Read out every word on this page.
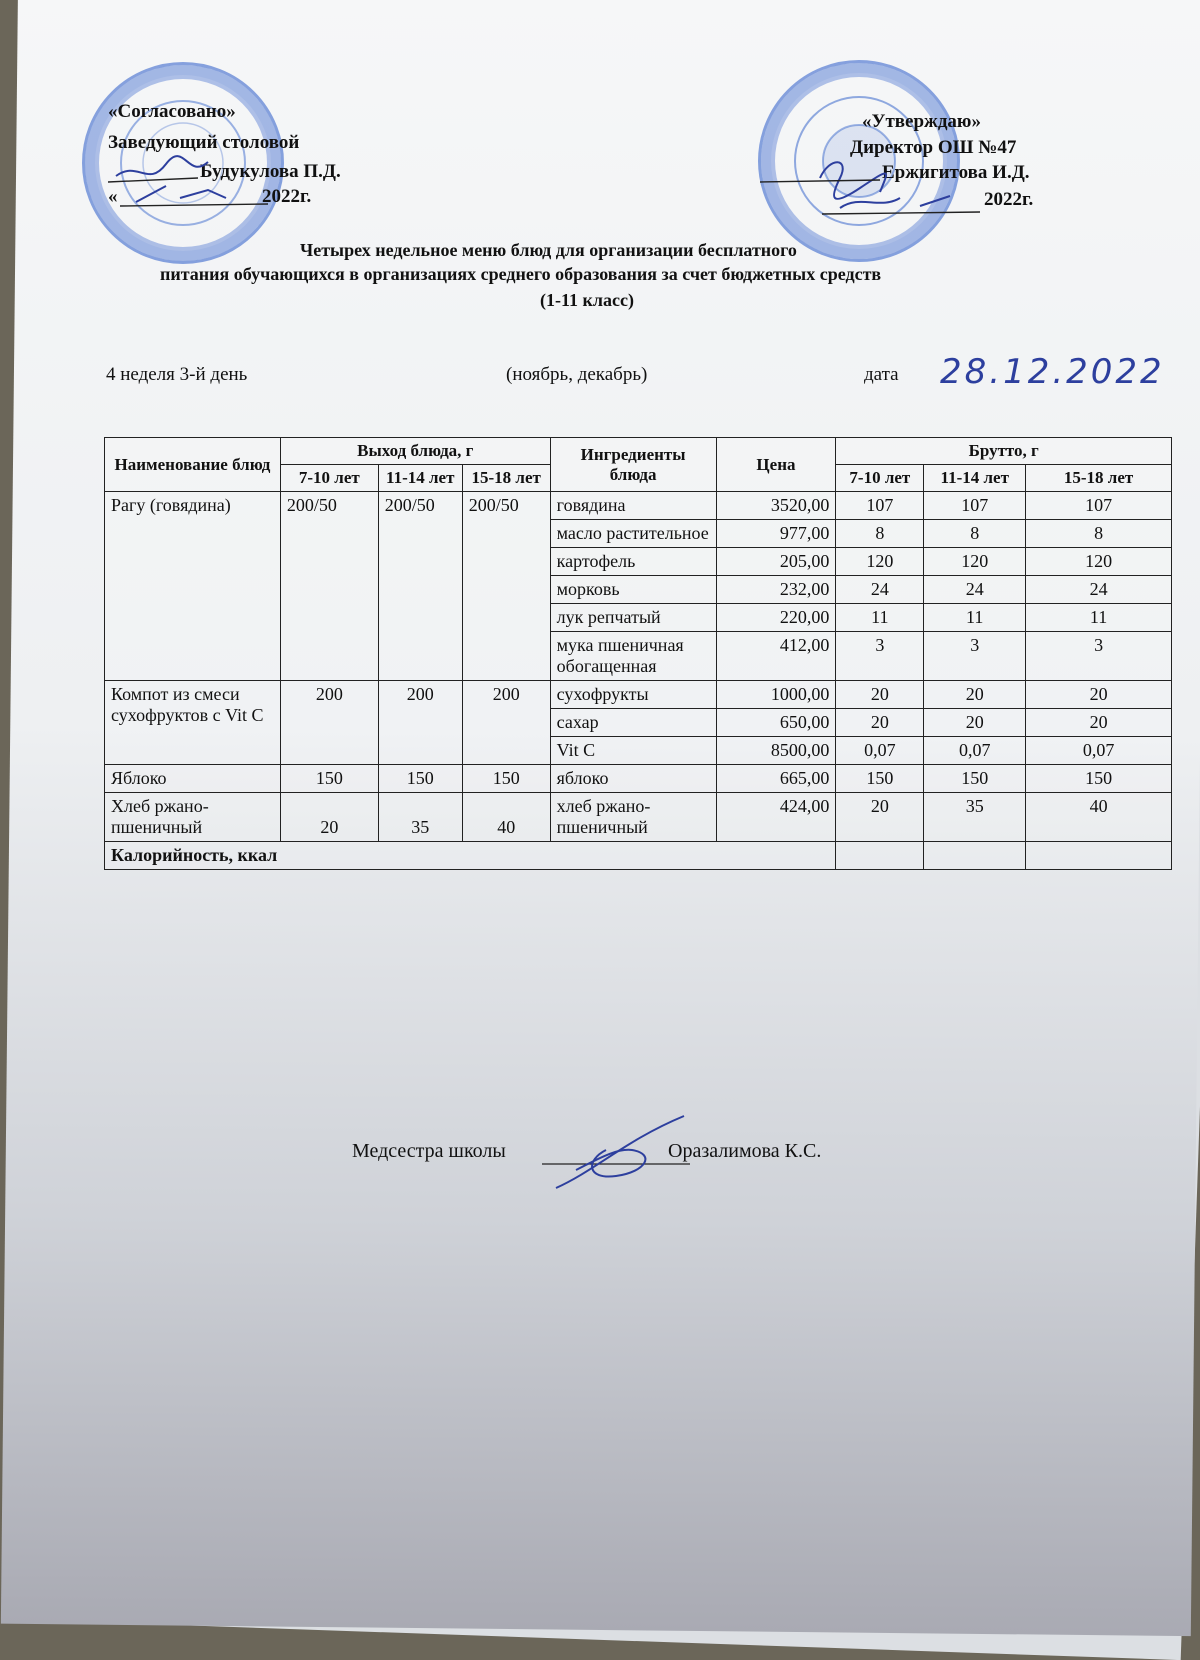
«Согласовано»
Заведующий столовой
Будукулова П.Д.
«	2022г.
«Утверждаю»
Директор ОШ №47
Ержигитова И.Д.
2022г.
Четырех недельное меню блюд для организации бесплатного
питания обучающихся в организациях среднего образования за счет бюджетных средств
(1-11 класс)
4 неделя 3-й день	(ноябрь, декабрь)	дата 28.12.2022
Наименование блюд	Выход блюда, г			Ингредиенты блюда	Цена	Брутто, г		
	7-10 лет	11-14 лет	15-18 лет			7-10 лет	11-14 лет	15-18 лет
Рагу (говядина)	200/50	200/50	200/50	говядина	3520,00	107	107	107
				масло растительное	977,00	8	8	8
				картофель	205,00	120	120	120
				морковь	232,00	24	24	24
				лук репчатый	220,00	11	11	11
				мука пшеничная обогащенная	412,00	3	3	3
Компот из смеси сухофруктов с Vit C	200	200	200	сухофрукты	1000,00	20	20	20
				сахар	650,00	20	20	20
				Vit C	8500,00	0,07	0,07	0,07
Яблоко	150	150	150	яблоко	665,00	150	150	150
Хлеб ржано-пшеничный	20	35	40	хлеб ржано-пшеничный	424,00	20	35	40
Калорийность, ккал								
Медсестра школы	Оразалимова К.С.
